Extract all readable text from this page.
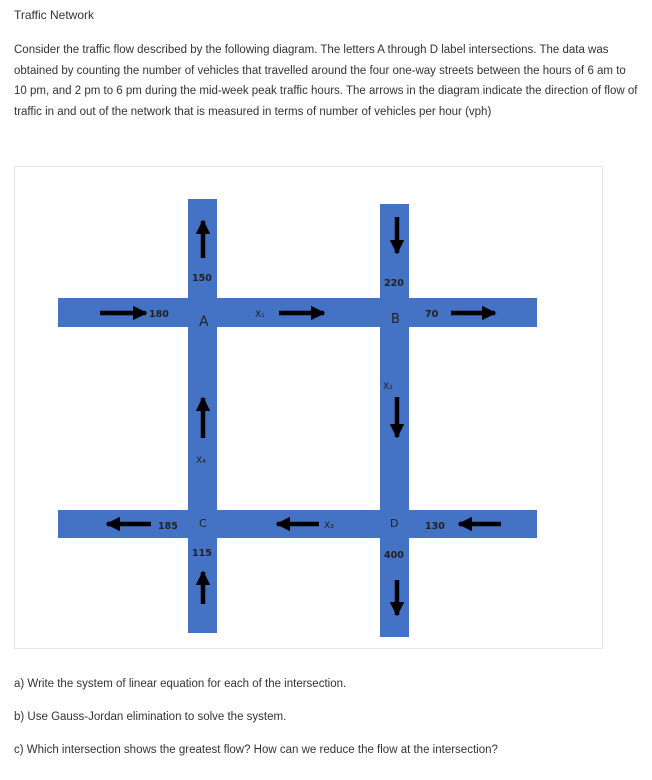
Traffic Network
Consider the traffic flow described by the following diagram. The letters A through D label intersections. The data was obtained by counting the number of vehicles that travelled around the four one-way streets between the hours of 6 am to 10 pm, and 2 pm to 6 pm during the mid-week peak traffic hours. The arrows in the diagram indicate the direction of flow of traffic in and out of the network that is measured in terms of number of vehicles per hour (vph)
180
150	220
70
185
115
130
400
X₁
X₂
X₃
X₄
A	B
C	D
a) Write the system of linear equation for each of the intersection.
b) Use Gauss-Jordan elimination to solve the system.
c) Which intersection shows the greatest flow? How can we reduce the flow at the intersection?
